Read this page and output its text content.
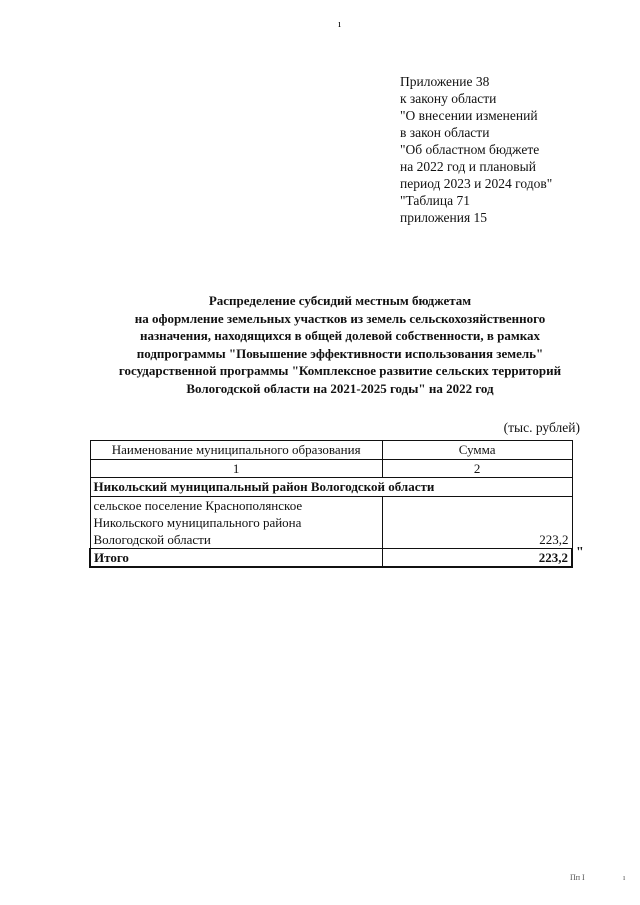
ı
Приложение 38
к закону области
"О внесении изменений
в закон области
"Об областном бюджете
на 2022 год и плановый
период 2023 и 2024 годов"
"Таблица 71
приложения 15
Распределение субсидий местным бюджетам
на оформление земельных участков из земель сельскохозяйственного
назначения, находящихся в общей долевой собственности, в рамках
подпрограммы "Повышение эффективности использования земель"
государственной программы "Комплексное развитие сельских территорий
Вологодской области на 2021-2025 годы" на 2022 год
(тыс. рублей)
Наименование муниципального образования	Сумма
1	2
Никольский муниципальный район Вологодской области	

сельское поселение Краснополянское
Никольского муниципального района
Вологодской области	223,2
Итого	223,2 "
Пп I	ı
